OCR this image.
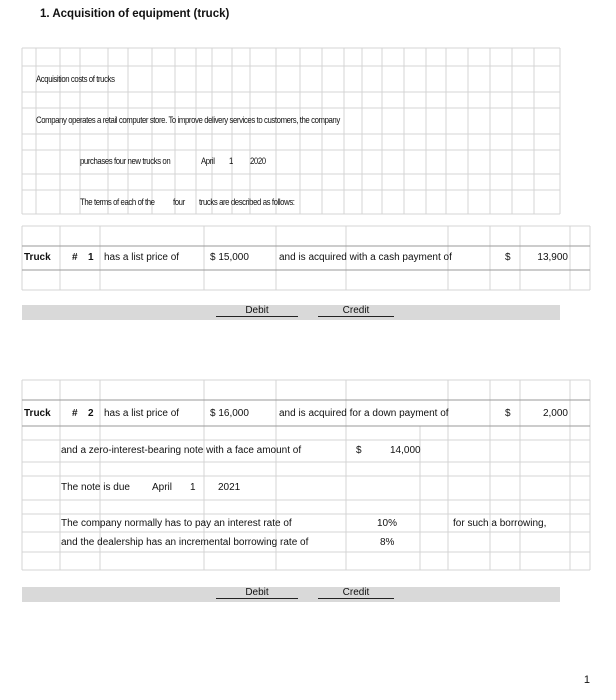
1. Acquisition of equipment (truck)
Acquisition costs of trucks
Company operates a retail computer store. To improve delivery services to customers, the company
purchases four new trucks on	April 1 2020
The terms of each of the four trucks are described as follows:
Truck # 1 has a list price of	$ 15,000	and is acquired with a cash payment of	$	13,900
Debit	Credit
Truck # 2 has a list price of	$ 16,000	and is acquired for a down payment of	$	2,000
and a zero-interest-bearing note with a face amount of	$	14,000
The note is due April 1 2021
The company normally has to pay an interest rate of	10%	for such a borrowing,
and the dealership has an incremental borrowing rate of	8%
Debit	Credit
1
